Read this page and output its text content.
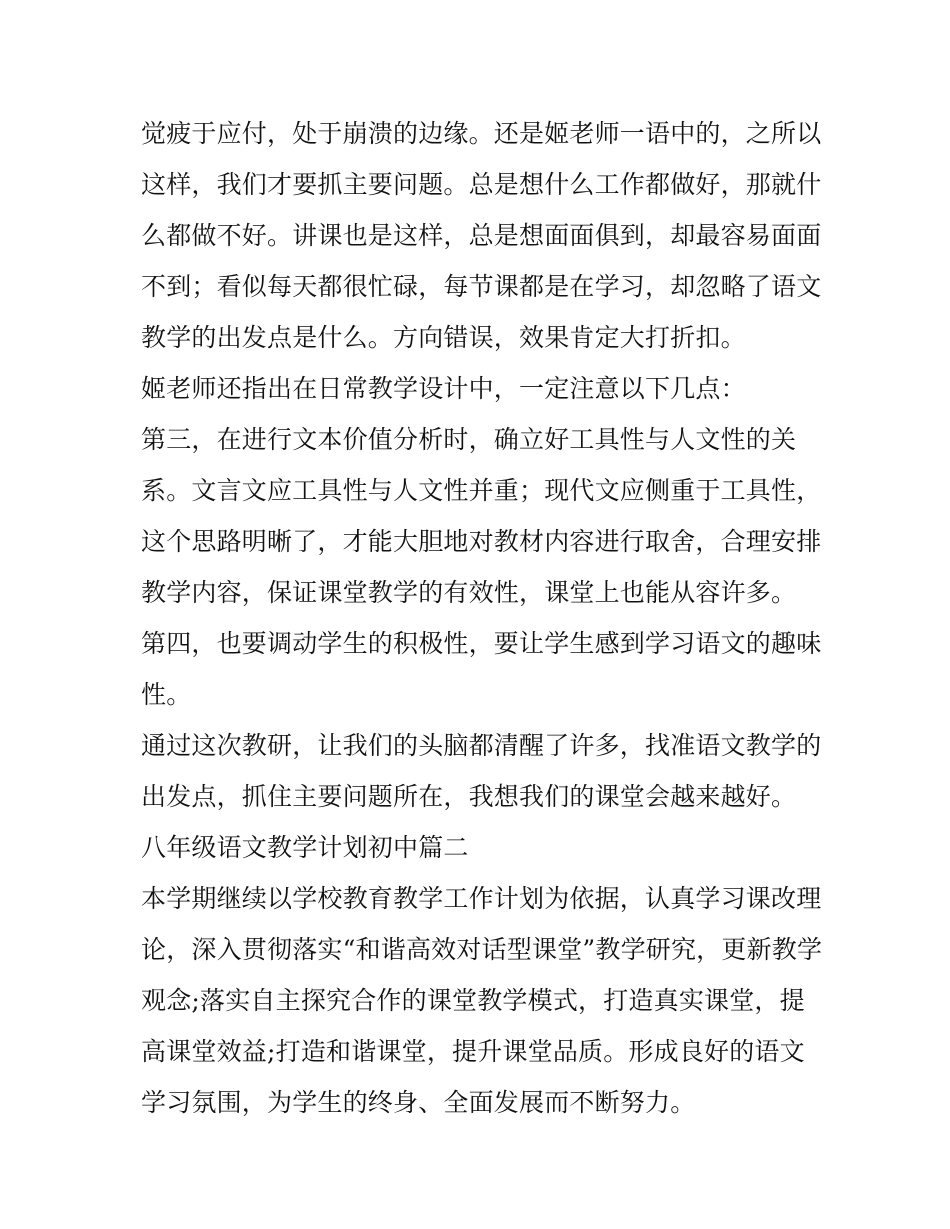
觉疲于应付，处于崩溃的边缘。还是姬老师一语中的，之所以
这样，我们才要抓主要问题。总是想什么工作都做好，那就什
么都做不好。讲课也是这样，总是想面面俱到，却最容易面面
不到；看似每天都很忙碌，每节课都是在学习，却忽略了语文
教学的出发点是什么。方向错误，效果肯定大打折扣。

姬老师还指出在日常教学设计中，一定注意以下几点：

第三，在进行文本价值分析时，确立好工具性与人文性的关
系。文言文应工具性与人文性并重；现代文应侧重于工具性，
这个思路明晰了，才能大胆地对教材内容进行取舍，合理安排
教学内容，保证课堂教学的有效性，课堂上也能从容许多。

第四，也要调动学生的积极性，要让学生感到学习语文的趣味
性。

通过这次教研，让我们的头脑都清醒了许多，找准语文教学的
出发点，抓住主要问题所在，我想我们的课堂会越来越好。

八年级语文教学计划初中篇二

本学期继续以学校教育教学工作计划为依据，认真学习课改理
论，深入贯彻落实“和谐高效对话型课堂”教学研究，更新教学
观念;落实自主探究合作的课堂教学模式，打造真实课堂，提
高课堂效益;打造和谐课堂，提升课堂品质。形成良好的语文
学习氛围，为学生的终身、全面发展而不断努力。
